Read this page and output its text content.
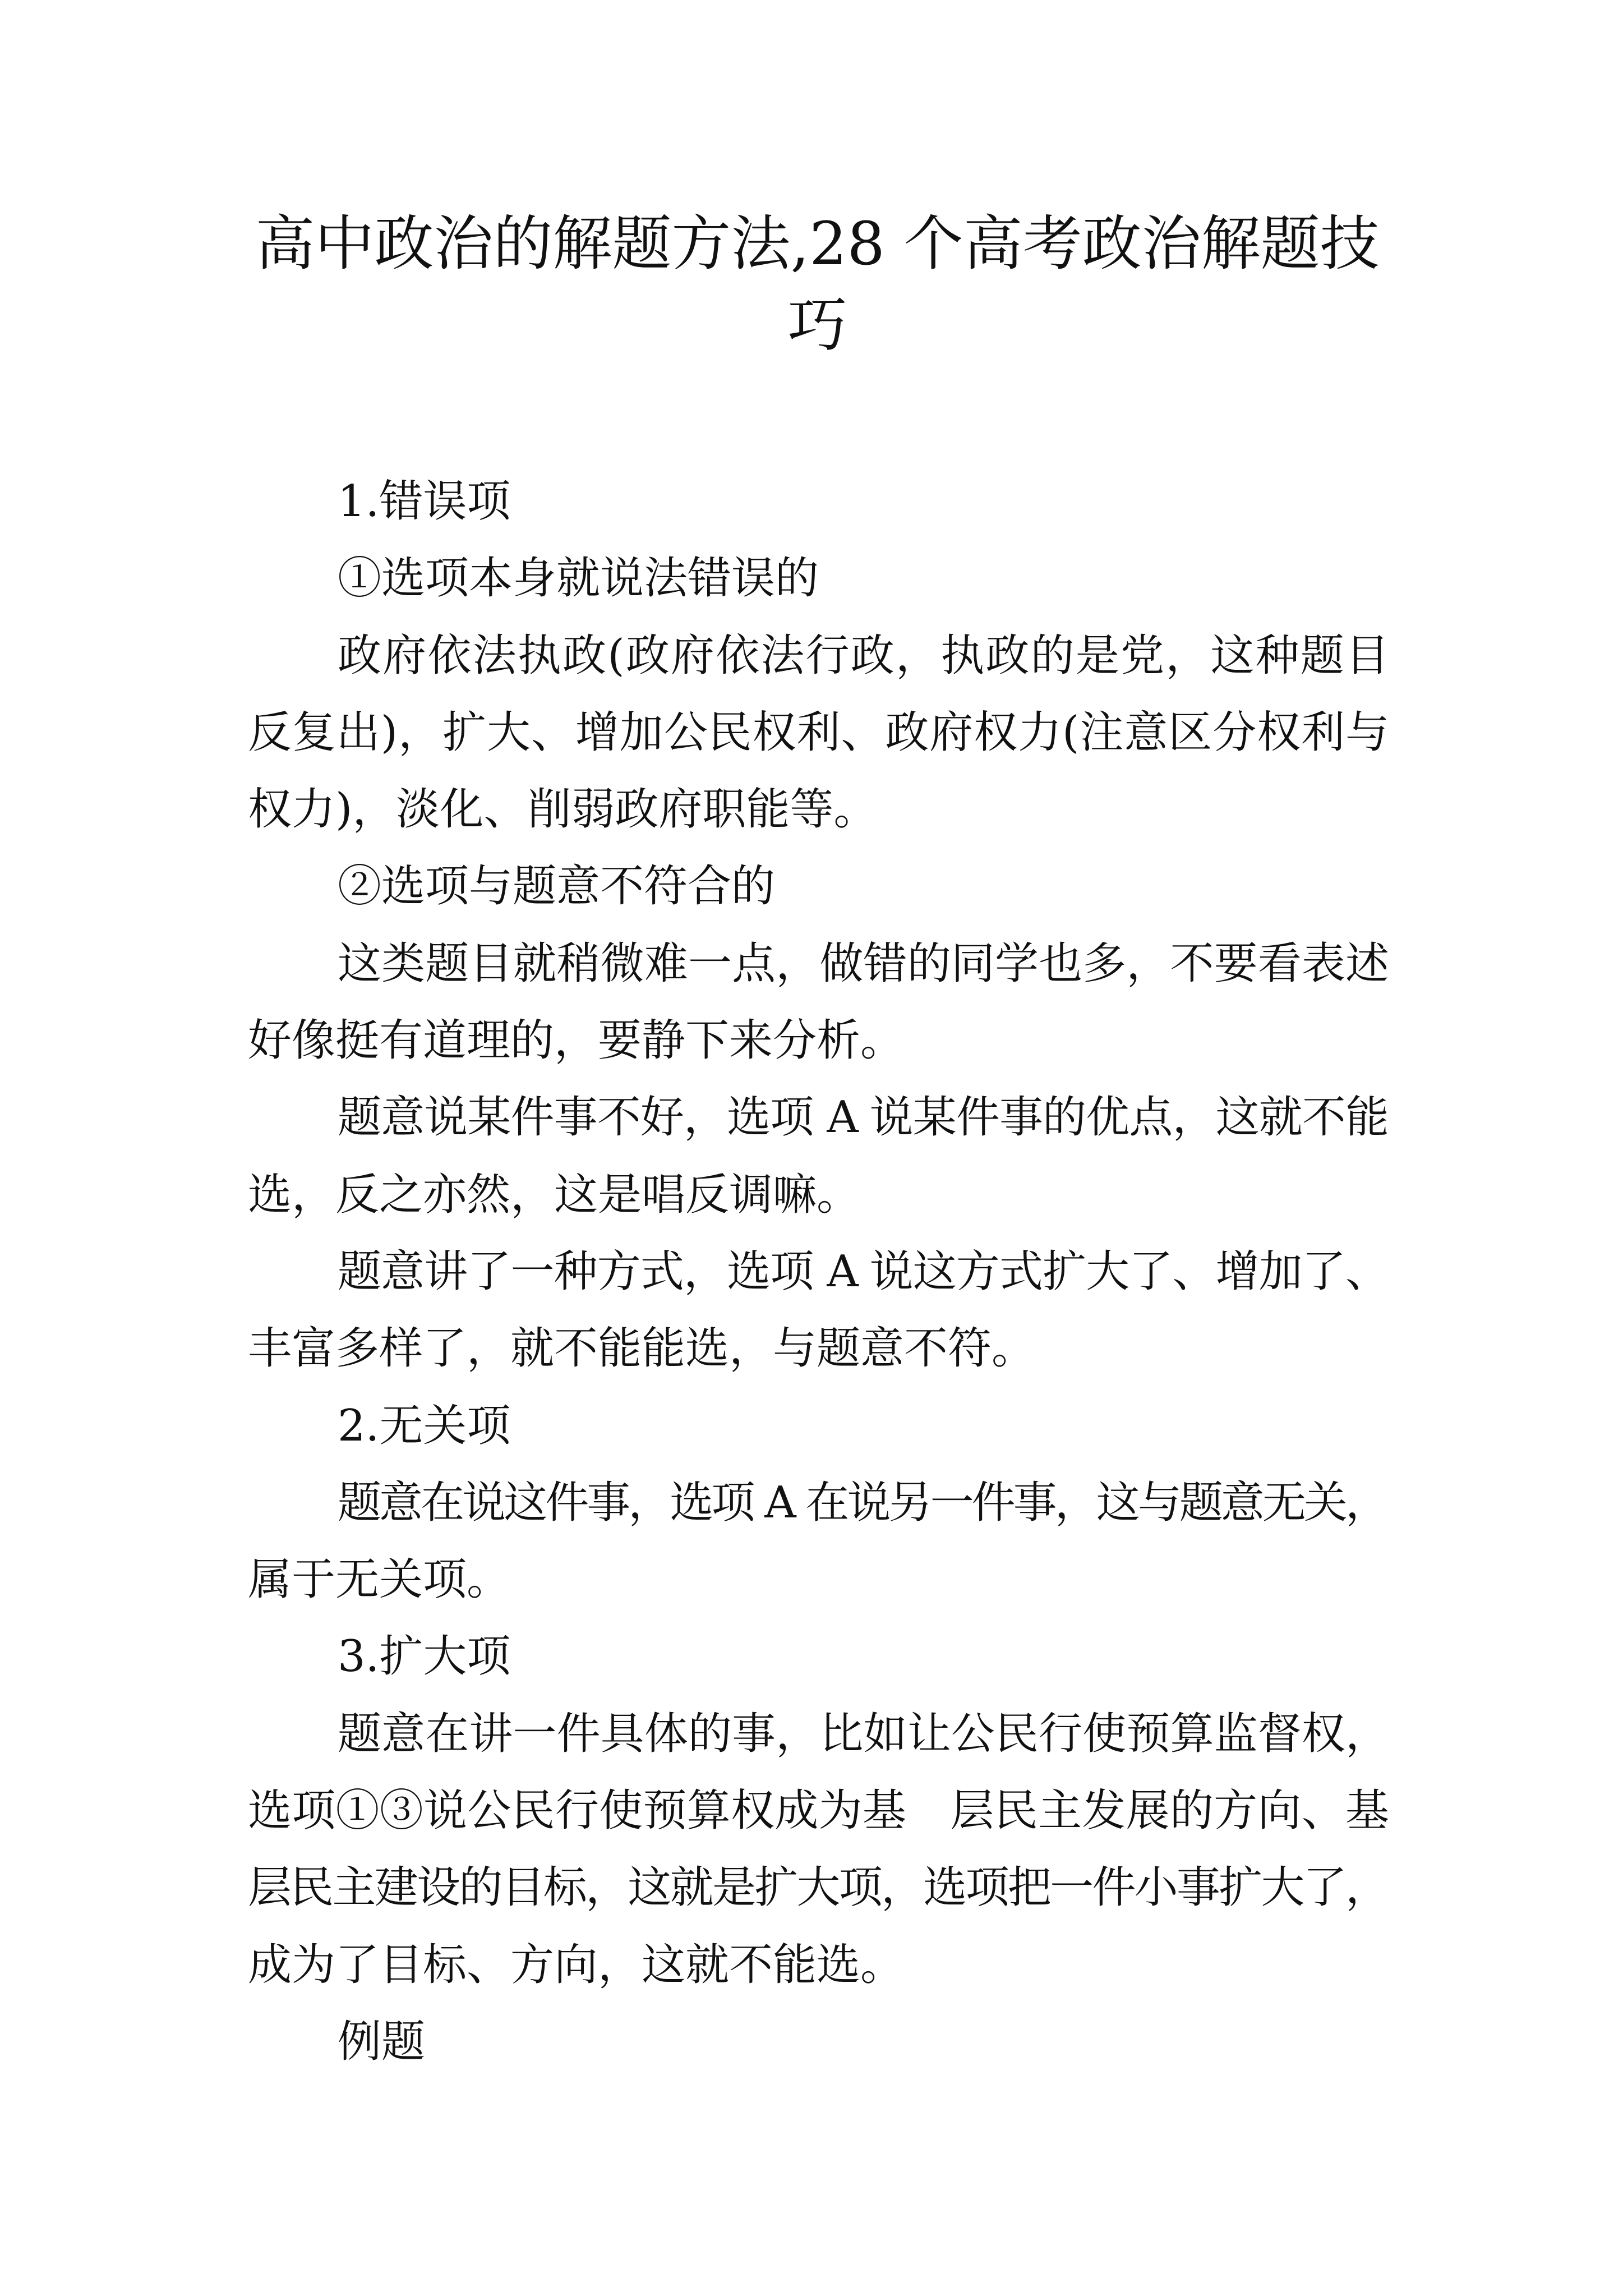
高中政治的解题方法,28 个高考政治解题技
巧
1.错误项
①选项本身就说法错误的
政府依法执政(政府依法行政，执政的是党，这种题目
反复出)，扩大、增加公民权利、政府权力(注意区分权利与
权力)，淡化、削弱政府职能等。
②选项与题意不符合的
这类题目就稍微难一点，做错的同学也多，不要看表述
好像挺有道理的，要静下来分析。
题意说某件事不好，选项 A 说某件事的优点，这就不能
选，反之亦然，这是唱反调嘛。
题意讲了一种方式，选项 A 说这方式扩大了、增加了、
丰富多样了，就不能能选，与题意不符。
2.无关项
题意在说这件事，选项 A 在说另一件事，这与题意无关，
属于无关项。
3.扩大项
题意在讲一件具体的事，比如让公民行使预算监督权，
选项①③说公民行使预算权成为基　层民主发展的方向、基
层民主建设的目标，这就是扩大项，选项把一件小事扩大了，
成为了目标、方向，这就不能选。
例题
